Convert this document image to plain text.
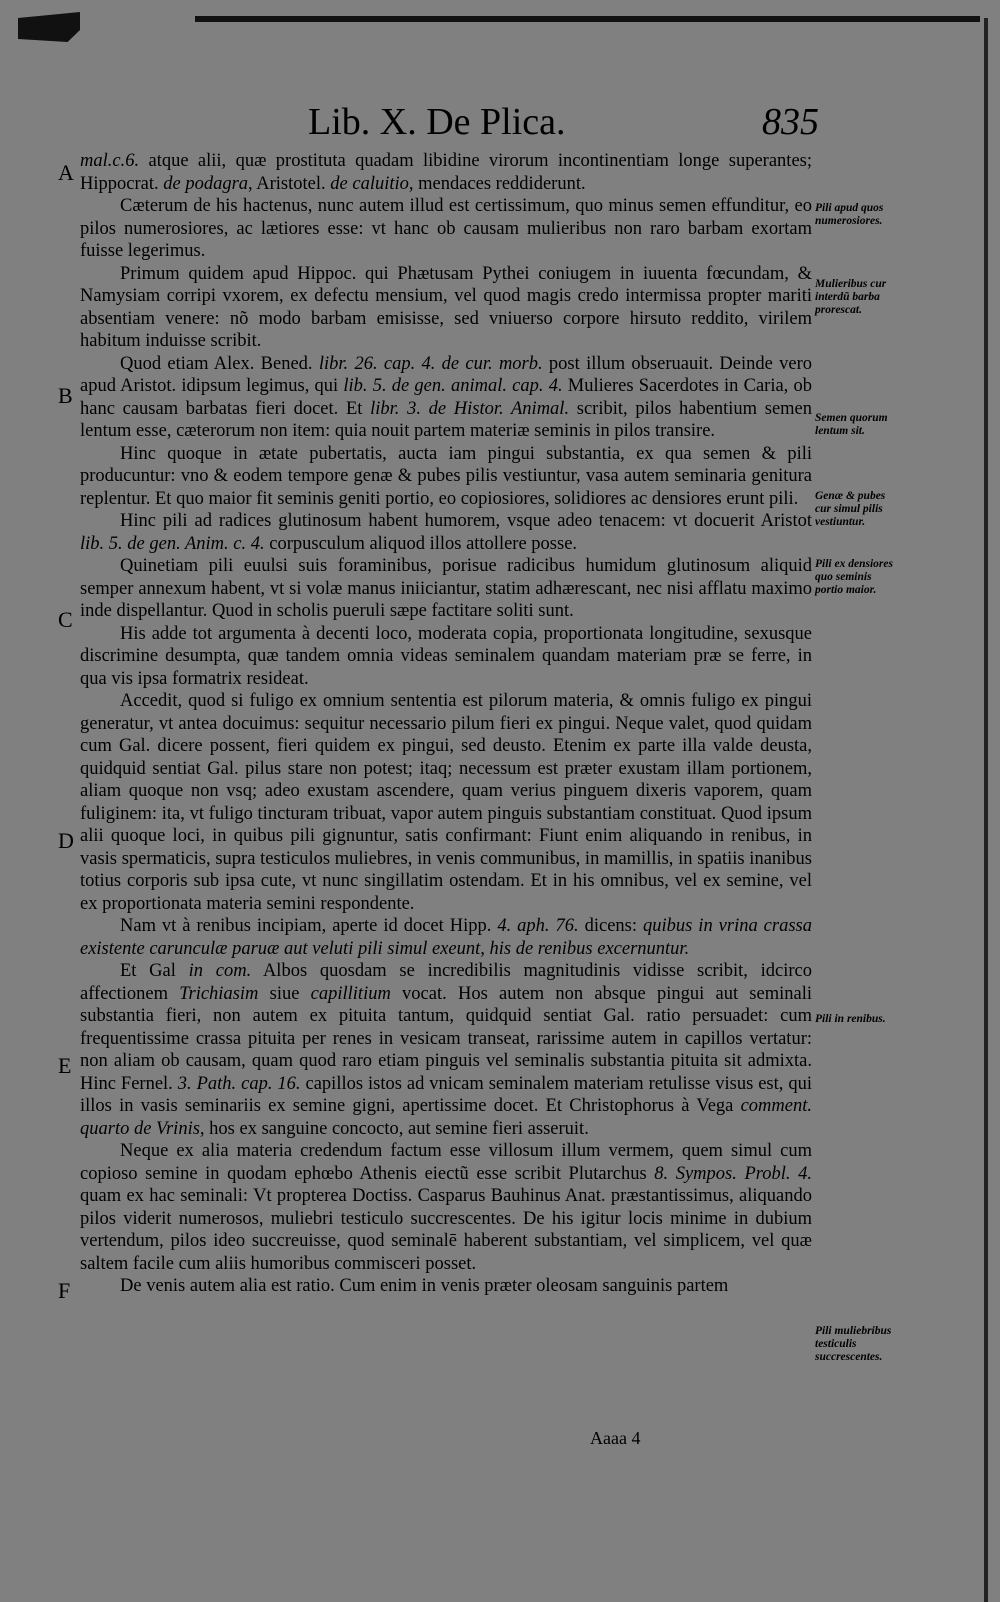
Lib. X. De Plica.	835
A
B
C
D
E
F

mal.c.6. atque alii, quæ prostituta quadam libidine virorum incontinentiam longe superantes; Hippocrat. de podagra, Aristotel. de caluitio, mendaces reddiderunt.

Cæterum de his hactenus, nunc autem illud est certissimum, quo minus semen effunditur, eo pilos numerosiores, ac lætiores esse: vt hanc ob causam mulieribus non raro barbam exortam fuisse legerimus.

Primum quidem apud Hippoc. qui Phætusam Pythei coniugem in iuuenta fœcundam, & Namysiam corripi vxorem, ex defectu mensium, vel quod magis credo intermissa propter mariti absentiam venere: nõ modo barbam emisisse, sed vniuerso corpore hirsuto reddito, virilem habitum induisse scribit.

Quod etiam Alex. Bened. libr. 26. cap. 4. de cur. morb. post illum obseruauit. Deinde vero apud Aristot. idipsum legimus, qui lib. 5. de gen. animal. cap. 4. Mulieres Sacerdotes in Caria, ob hanc causam barbatas fieri docet. Et libr. 3. de Histor. Animal. scribit, pilos habentium semen lentum esse, cæterorum non item: quia nouit partem materiæ seminis in pilos transire.

Hinc quoque in ætate pubertatis, aucta iam pingui substantia, ex qua semen & pili producuntur: vno & eodem tempore genæ & pubes pilis vestiuntur, vasa autem seminaria genitura replentur. Et quo maior fit seminis geniti portio, eo copiosiores, solidiores ac densiores erunt pili.

Hinc pili ad radices glutinosum habent humorem, vsque adeo tenacem: vt docuerit Aristot lib. 5. de gen. Anim. c. 4. corpusculum aliquod illos attollere posse.

Quinetiam pili euulsi suis foraminibus, porisue radicibus humidum glutinosum aliquid semper annexum habent, vt si volæ manus iniiciantur, statim adhærescant, nec nisi afflatu maximo inde dispellantur. Quod in scholis pueruli sæpe factitare soliti sunt.

His adde tot argumenta à decenti loco, moderata copia, proportionata longitudine, sexusque discrimine desumpta, quæ tandem omnia videas seminalem quandam materiam præ se ferre, in qua vis ipsa formatrix resideat.

Accedit, quod si fuligo ex omnium sententia est pilorum materia, & omnis fuligo ex pingui generatur, vt antea docuimus: sequitur necessario pilum fieri ex pingui. Neque valet, quod quidam cum Gal. dicere possent, fieri quidem ex pingui, sed deusto. Etenim ex parte illa valde deusta, quidquid sentiat Gal. pilus stare non potest; itaq; necessum est præter exustam illam portionem, aliam quoque non vsq; adeo exustam ascendere, quam verius pinguem dixeris vaporem, quam fuliginem: ita, vt fuligo tincturam tribuat, vapor autem pinguis substantiam constituat. Quod ipsum alii quoque loci, in quibus pili gignuntur, satis confirmant: Fiunt enim aliquando in renibus, in vasis spermaticis, supra testiculos muliebres, in venis communibus, in mamillis, in spatiis inanibus totius corporis sub ipsa cute, vt nunc singillatim ostendam. Et in his omnibus, vel ex semine, vel ex proportionata materia semini respondente.

Nam vt à renibus incipiam, aperte id docet Hipp. 4. aph. 76. dicens: quibus in vrina crassa existente carunculæ paruæ aut veluti pili simul exeunt, his de renibus excernuntur.

Et Gal in com. Albos quosdam se incredibilis magnitudinis vidisse scribit, idcirco affectionem Trichiasim siue capillitium vocat. Hos autem non absque pingui aut seminali substantia fieri, non autem ex pituita tantum, quidquid sentiat Gal. ratio persuadet: cum frequentissime crassa pituita per renes in vesicam transeat, rarissime autem in capillos vertatur: non aliam ob causam, quam quod raro etiam pinguis vel seminalis substantia pituita sit admixta. Hinc Fernel. 3. Path. cap. 16. capillos istos ad vnicam seminalem materiam retulisse visus est, qui illos in vasis seminariis ex semine gigni, apertissime docet. Et Christophorus à Vega comment. quarto de Vrinis, hos ex sanguine concocto, aut semine fieri asseruit.

Neque ex alia materia credendum factum esse villosum illum vermem, quem simul cum copioso semine in quodam ephœbo Athenis eiectũ esse scribit Plutarchus 8. Sympos. Probl. 4. quam ex hac seminali: Vt propterea Doctiss. Casparus Bauhinus Anat. præstantissimus, aliquando pilos viderit numerosos, muliebri testiculo succrescentes. De his igitur locis minime in dubium vertendum, pilos ideo succreuisse, quod seminalē haberent substantiam, vel simplicem, vel quæ saltem facile cum aliis humoribus commisceri posset.

De venis autem alia est ratio. Cum enim in venis præter oleosam sanguinis partem

Pili apud quos numerosiores.
Mulieribus cur interdũ barba prorescat.
Semen quorum lentum sit.
Genæ & pubes cur simul pilis vestiuntur.
Pili ex densiores quo seminis portio maior.
Pili in renibus.
Pili muliebribus testiculis succrescentes.
Aaaa 4
